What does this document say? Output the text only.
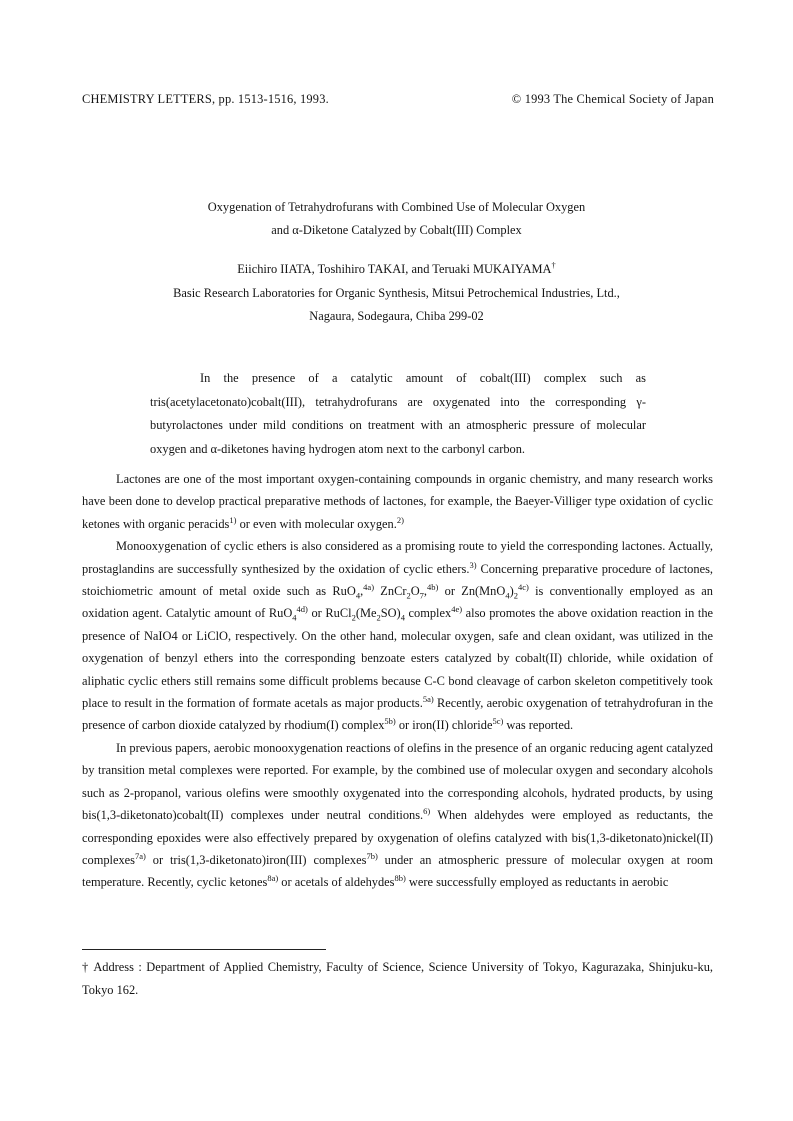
CHEMISTRY LETTERS, pp. 1513-1516, 1993.	© 1993 The Chemical Society of Japan
Oxygenation of Tetrahydrofurans with Combined Use of Molecular Oxygen
and α-Diketone Catalyzed by Cobalt(III) Complex
Eiichiro IIATA, Toshihiro TAKAI, and Teruaki MUKAIYAMA†
Basic Research Laboratories for Organic Synthesis, Mitsui Petrochemical Industries, Ltd.,
Nagaura, Sodegaura, Chiba 299-02

In the presence of a catalytic amount of cobalt(III) complex such as tris(acetylacetonato)cobalt(III), tetrahydrofurans are oxygenated into the corresponding γ-butyrolactones under mild conditions on treatment with an atmospheric pressure of molecular oxygen and α-diketones having hydrogen atom next to the carbonyl carbon.

Lactones are one of the most important oxygen-containing compounds in organic chemistry, and many research works have been done to develop practical preparative methods of lactones, for example, the Baeyer-Villiger type oxidation of cyclic ketones with organic peracids$^{1)}$ or even with molecular oxygen.$^{2)}$

Monooxygenation of cyclic ethers is also considered as a promising route to yield the corresponding lactones. Actually, prostaglandins are successfully synthesized by the oxidation of cyclic ethers.$^{3)}$ Concerning preparative procedure of lactones, stoichiometric amount of metal oxide such as RuO$_4$,$^{4a)}$ $ZnCr_2O_7,^{4b)}$ or $Zn(MnO_4)_2^{4c)}$ is conventionally employed as an oxidation agent. Catalytic amount of RuO$_4^{4d)}$ or $RuCl_2(Me_2SO)_4$ complex$^{4e)}$ also promotes the above oxidation reaction in the presence of NaIO4 or LiClO, respectively. On the other hand, molecular oxygen, safe and clean oxidant, was utilized in the oxygenation of benzyl ethers into the corresponding benzoate esters catalyzed by cobalt(II) chloride, while oxidation of aliphatic cyclic ethers still remains some difficult problems because C-C bond cleavage of carbon skeleton competitively took place to result in the formation of formate acetals as major products.$^{5a)}$ Recently, aerobic oxygenation of tetrahydrofuran in the presence of carbon dioxide catalyzed by rhodium(I) complex$^{5b)}$ or iron(II) chloride$^{5c)}$ was reported.

In previous papers, aerobic monooxygenation reactions of olefins in the presence of an organic reducing agent catalyzed by transition metal complexes were reported. For example, by the combined use of molecular oxygen and secondary alcohols such as 2-propanol, various olefins were smoothly oxygenated into the corresponding alcohols, hydrated products, by using bis(1,3-diketonato)cobalt(II) complexes under neutral conditions.$^{6)}$ When aldehydes were employed as reductants, the corresponding epoxides were also effectively prepared by oxygenation of olefins catalyzed with bis(1,3-diketonato)nickel(II) complexes$^{7a)}$ or tris(1,3-diketonato)iron(III) complexes$^{7b)}$ under an atmospheric pressure of molecular oxygen at room temperature. Recently, cyclic ketones$^{8a)}$ or acetals of aldehydes$^{8b)}$ were successfully employed as reductants in aerobic

† Address : Department of Applied Chemistry, Faculty of Science, Science University of Tokyo, Kagurazaka, Shinjuku-ku, Tokyo 162.
